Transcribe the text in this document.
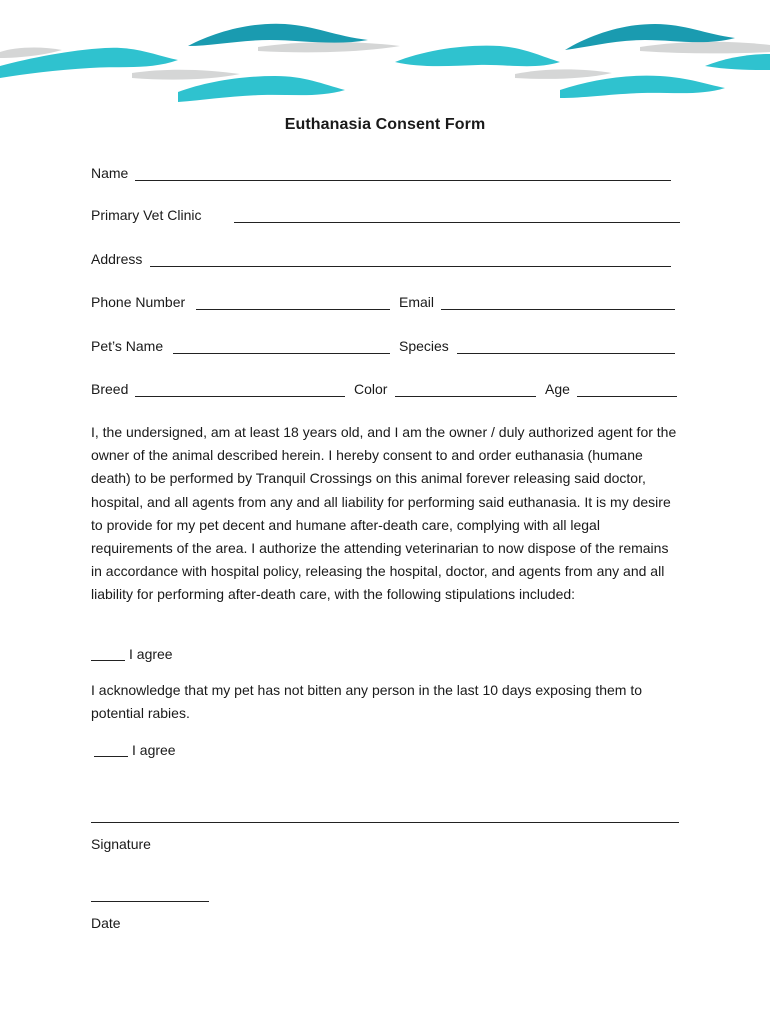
Euthanasia Consent Form
Name
Primary Vet Clinic
Address
Phone Number	Email
Pet’s Name	Species
Breed	Color	Age

I, the undersigned, am at least 18 years old, and I am the owner / duly authorized agent for the owner of the animal described herein. I hereby consent to and order euthanasia (humane death) to be performed by Tranquil Crossings on this animal forever releasing said doctor, hospital, and all agents from any and all liability for performing said euthanasia. It is my desire to provide for my pet decent and humane after-death care, complying with all legal requirements of the area. I authorize the attending veterinarian to now dispose of the remains in accordance with hospital policy, releasing the hospital, doctor, and agents from any and all liability for performing after-death care, with the following stipulations included:

I agree

I acknowledge that my pet has not bitten any person in the last 10 days exposing them to potential rabies.

I agree
Signature
Date
